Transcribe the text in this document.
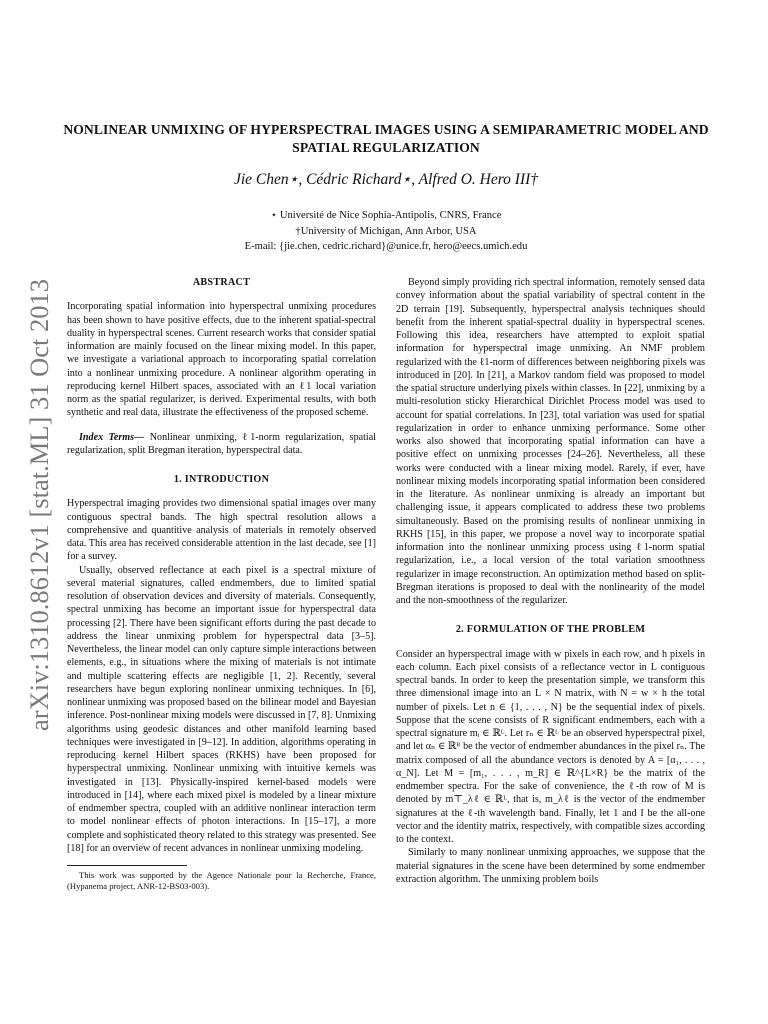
arXiv:1310.8612v1 [stat.ML] 31 Oct 2013
NONLINEAR UNMIXING OF HYPERSPECTRAL IMAGES USING A SEMIPARAMETRIC MODEL AND SPATIAL REGULARIZATION
Jie Chen⋆, Cédric Richard⋆, Alfred O. Hero III†
⋆ Université de Nice Sophia-Antipolis, CNRS, France
†University of Michigan, Ann Arbor, USA
E-mail: {jie.chen, cedric.richard}@unice.fr, hero@eecs.umich.edu
ABSTRACT

Incorporating spatial information into hyperspectral unmixing procedures has been shown to have positive effects, due to the inherent spatial-spectral duality in hyperspectral scenes. Current research works that consider spatial information are mainly focused on the linear mixing model. In this paper, we investigate a variational approach to incorporating spatial correlation into a nonlinear unmixing procedure. A nonlinear algorithm operating in reproducing kernel Hilbert spaces, associated with an ℓ1 local variation norm as the spatial regularizer, is derived. Experimental results, with both synthetic and real data, illustrate the effectiveness of the proposed scheme.

Index Terms— Nonlinear unmixing, ℓ1-norm regularization, spatial regularization, split Bregman iteration, hyperspectral data.

1. INTRODUCTION

Hyperspectral imaging provides two dimensional spatial images over many contiguous spectral bands. The high spectral resolution allows a comprehensive and quantitive analysis of materials in remotely observed data. This area has received considerable attention in the last decade, see [1] for a survey.

Usually, observed reflectance at each pixel is a spectral mixture of several material signatures, called endmembers, due to limited spatial resolution of observation devices and diversity of materials. Consequently, spectral unmixing has become an important issue for hyperspectral data processing [2]. There have been significant efforts during the past decade to address the linear unmixing problem for hyperspectral data [3–5]. Nevertheless, the linear model can only capture simple interactions between elements, e.g., in situations where the mixing of materials is not intimate and multiple scattering effects are negligible [1, 2]. Recently, several researchers have begun exploring nonlinear unmixing techniques. In [6], nonlinear unmixing was proposed based on the bilinear model and Bayesian inference. Post-nonlinear mixing models were discussed in [7, 8]. Unmixing algorithms using geodesic distances and other manifold learning based techniques were investigated in [9–12]. In addition, algorithms operating in reproducing kernel Hilbert spaces (RKHS) have been proposed for hyperspectral unmixing. Nonlinear unmixing with intuitive kernels was investigated in [13]. Physically-inspired kernel-based models were introduced in [14], where each mixed pixel is modeled by a linear mixture of endmember spectra, coupled with an additive nonlinear interaction term to model nonlinear effects of photon interactions. In [15–17], a more complete and sophisticated theory related to this strategy was presented. See [18] for an overview of recent advances in nonlinear unmixing modeling.

This work was supported by the Agence Nationale pour la Recherche, France, (Hypanema project, ANR-12-BS03-003).

Beyond simply providing rich spectral information, remotely sensed data convey information about the spatial variability of spectral content in the 2D terrain [19]. Subsequently, hyperspectral analysis techniques should benefit from the inherent spatial-spectral duality in hyperspectral scenes. Following this idea, researchers have attempted to exploit spatial information for hyperspectral image unmixing. An NMF problem regularized with the ℓ1-norm of differences between neighboring pixels was introduced in [20]. In [21], a Markov random field was proposed to model the spatial structure underlying pixels within classes. In [22], unmixing by a multi-resolution sticky Hierarchical Dirichlet Process model was used to account for spatial correlations. In [23], total variation was used for spatial regularization in order to enhance unmixing performance. Some other works also showed that incorporating spatial information can have a positive effect on unmixing processes [24–26]. Nevertheless, all these works were conducted with a linear mixing model. Rarely, if ever, have nonlinear mixing models incorporating spatial information been considered in the literature. As nonlinear unmixing is already an important but challenging issue, it appears complicated to address these two problems simultaneously. Based on the promising results of nonlinear unmixing in RKHS [15], in this paper, we propose a novel way to incorporate spatial information into the nonlinear unmixing process using ℓ1-norm spatial regularization, i.e., a local version of the total variation smoothness regularizer in image reconstruction. An optimization method based on split-Bregman iterations is proposed to deal with the nonlinearity of the model and the non-smoothness of the regularizer.

2. FORMULATION OF THE PROBLEM

Consider an hyperspectral image with w pixels in each row, and h pixels in each column. Each pixel consists of a reflectance vector in L contiguous spectral bands. In order to keep the presentation simple, we transform this three dimensional image into an L × N matrix, with N = w × h the total number of pixels. Let n ∈ {1, . . . , N} be the sequential index of pixels. Suppose that the scene consists of R significant endmembers, each with a spectral signature mᵢ ∈ ℝᴸ. Let rₙ ∈ ℝᴸ be an observed hyperspectral pixel, and let αₙ ∈ ℝᴿ be the vector of endmember abundances in the pixel rₙ. The matrix composed of all the abundance vectors is denoted by A = [α₁, . . . , α_N]. Let M = [m₁, . . . , m_R] ∈ ℝ^{L×R} be the matrix of the endmember spectra. For the sake of convenience, the ℓ-th row of M is denoted by m⊤_λℓ ∈ ℝᴸ, that is, m_λℓ is the vector of the endmember signatures at the ℓ-th wavelength band. Finally, let 1 and I be the all-one vector and the identity matrix, respectively, with compatible sizes according to the context.

Similarly to many nonlinear unmixing approaches, we suppose that the material signatures in the scene have been determined by some endmember extraction algorithm. The unmixing problem boils
